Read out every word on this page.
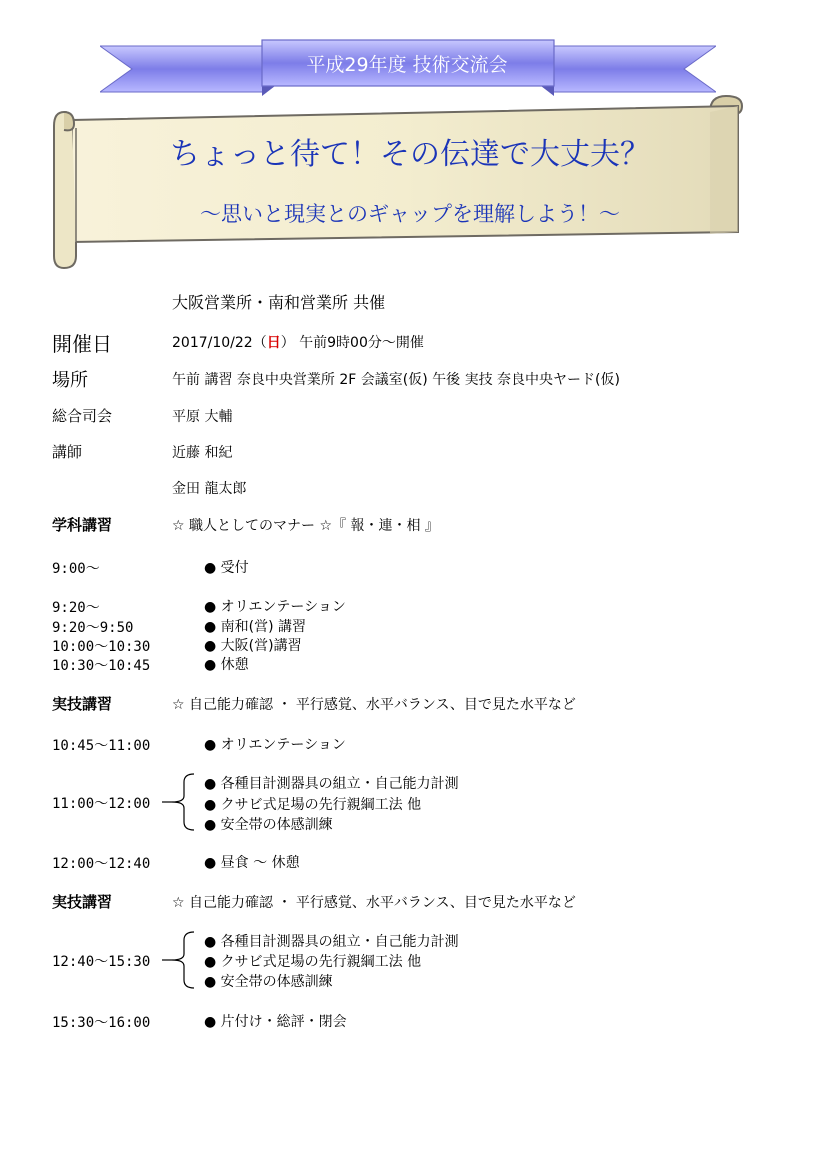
平成29年度 技術交流会
ちょっと待て！その伝達で大丈夫？
～思いと現実とのギャップを理解しよう！～
大阪営業所・南和営業所 共催
開催日	2017/10/22（日） 午前9時00分～開催
場所	午前 講習 奈良中央営業所 2F 会議室(仮) 午後 実技 奈良中央ヤード(仮)
総合司会	平原 大輔
講師	近藤 和紀
金田 龍太郎
学科講習	☆ 職人としてのマナー ☆『 報・連・相 』
9:00～	● 受付
9:20～	● オリエンテーション
9:20～9:50	● 南和(営) 講習
10:00～10:30	● 大阪(営)講習
10:30～10:45	● 休憩
実技講習	☆ 自己能力確認 ・ 平行感覚、水平バランス、目で見た水平など
10:45～11:00	● オリエンテーション
11:00～12:00
● 各種目計測器具の組立・自己能力計測
● クサビ式足場の先行親綱工法 他
● 安全帯の体感訓練
12:00～12:40	● 昼食 ～ 休憩
実技講習	☆ 自己能力確認 ・ 平行感覚、水平バランス、目で見た水平など
12:40～15:30
● 各種目計測器具の組立・自己能力計測
● クサビ式足場の先行親綱工法 他
● 安全帯の体感訓練
15:30～16:00	● 片付け・総評・閉会
